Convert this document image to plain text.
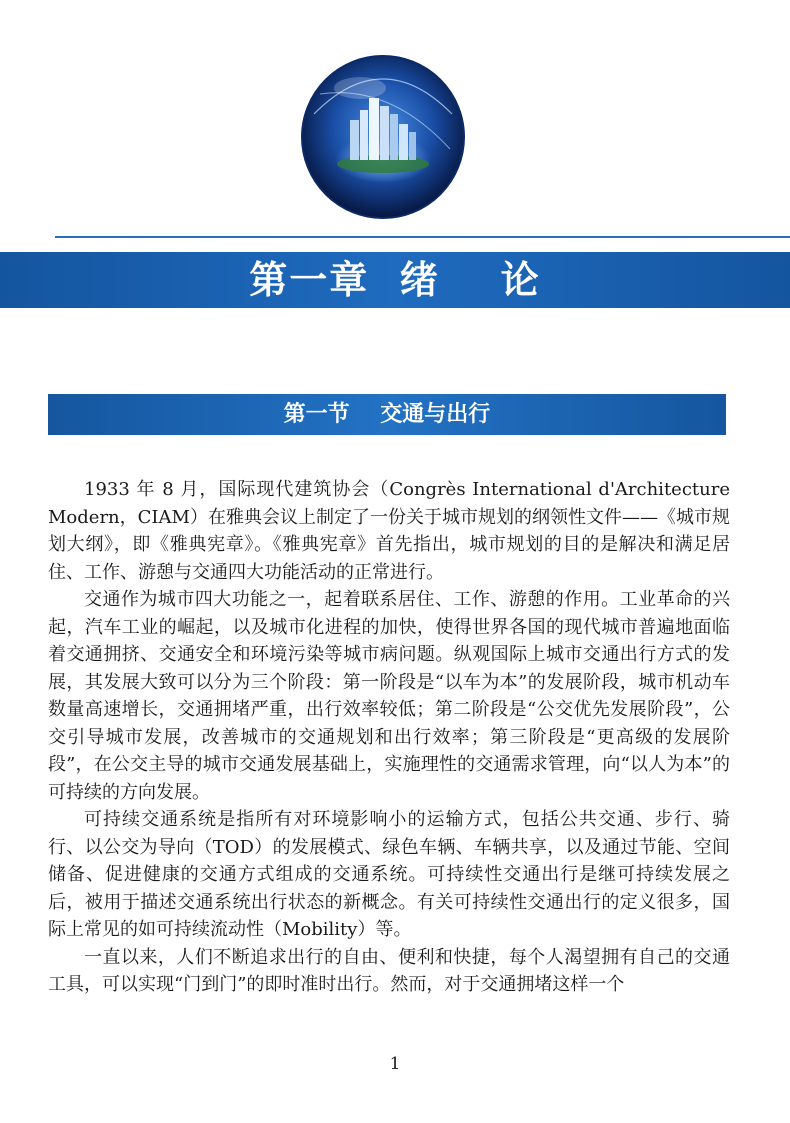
第一章  绪    论
第一节    交通与出行

1933 年 8 月，国际现代建筑协会（Congrès International d'Architecture Modern，CIAM）在雅典会议上制定了一份关于城市规划的纲领性文件——《城市规划大纲》，即《雅典宪章》。《雅典宪章》首先指出，城市规划的目的是解决和满足居住、工作、游憩与交通四大功能活动的正常进行。

交通作为城市四大功能之一，起着联系居住、工作、游憩的作用。工业革命的兴起，汽车工业的崛起，以及城市化进程的加快，使得世界各国的现代城市普遍地面临着交通拥挤、交通安全和环境污染等城市病问题。纵观国际上城市交通出行方式的发展，其发展大致可以分为三个阶段：第一阶段是“以车为本”的发展阶段，城市机动车数量高速增长，交通拥堵严重，出行效率较低；第二阶段是“公交优先发展阶段”，公交引导城市发展，改善城市的交通规划和出行效率；第三阶段是“更高级的发展阶段”，在公交主导的城市交通发展基础上，实施理性的交通需求管理，向“以人为本”的可持续的方向发展。

可持续交通系统是指所有对环境影响小的运输方式，包括公共交通、步行、骑行、以公交为导向（TOD）的发展模式、绿色车辆、车辆共享，以及通过节能、空间储备、促进健康的交通方式组成的交通系统。可持续性交通出行是继可持续发展之后，被用于描述交通系统出行状态的新概念。有关可持续性交通出行的定义很多，国际上常见的如可持续流动性（Mobility）等。

一直以来，人们不断追求出行的自由、便利和快捷，每个人渴望拥有自己的交通工具，可以实现“门到门”的即时准时出行。然而，对于交通拥堵这样一个

1
